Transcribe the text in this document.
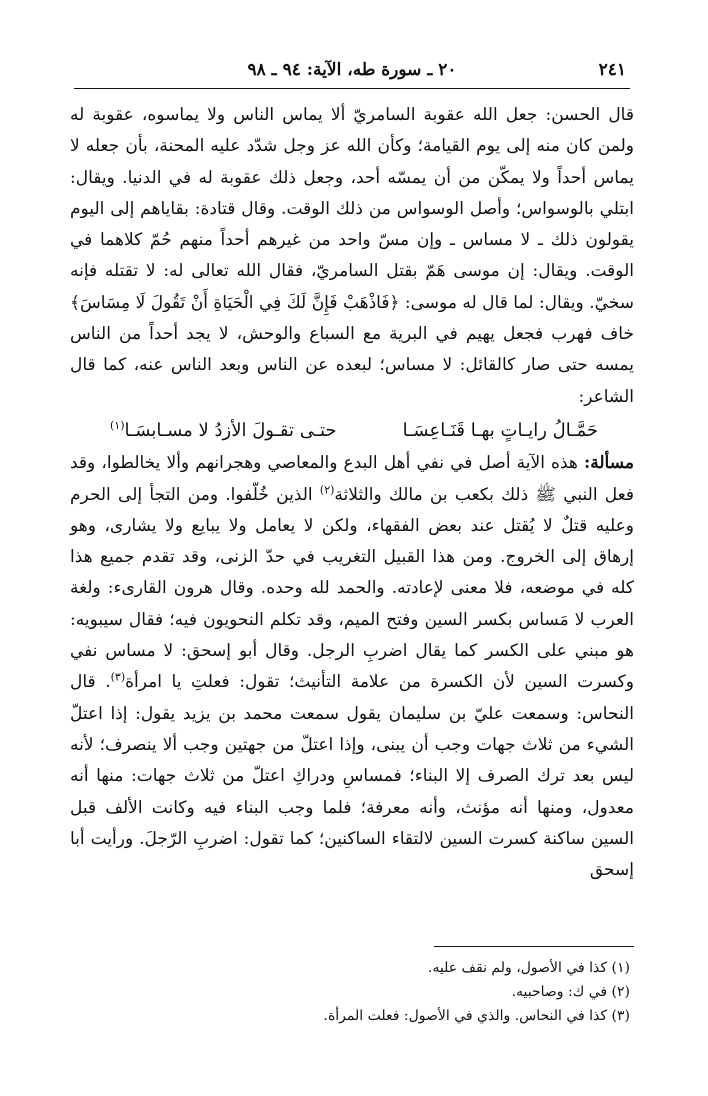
٢٤١
٢٠ ـ سورة طه، الآية: ٩٤ ـ ٩٨

قال الحسن: جعل الله عقوبة السامريّ ألا يماس الناس ولا يماسوه، عقوبة له ولمن كان منه إلى يوم القيامة؛ وكأن الله عز وجل شدّد عليه المحنة، بأن جعله لا يماس أحداً ولا يمكّن من أن يمسّه أحد، وجعل ذلك عقوبة له في الدنيا. ويقال: ابتلي بالوسواس؛ وأصل الوسواس من ذلك الوقت. وقال قتادة: بقاياهم إلى اليوم يقولون ذلك ـ لا مساس ـ وإن مسّ واحد من غيرهم أحداً منهم حُمّ كلاهما في الوقت. ويقال: إن موسى هَمّ بقتل السامريّ، فقال الله تعالى له: لا تقتله فإنه سخيّ. ويقال: لما قال له موسى: ﴿فَاذْهَبْ فَإِنَّ لَكَ فِي الْحَيَاةِ أَنْ تَقُولَ لَا مِسَاسَ﴾ خاف فهرب فجعل يهيم في البرية مع السباع والوحش، لا يجد أحداً من الناس يمسه حتى صار كالقائل: لا مساس؛ لبعده عن الناس وبعد الناس عنه، كما قال الشاعر:

حَمَّـالُ رايـاتٍ بهـا قَنَـاعِسَـا
حتـى تقـولَ الأزدُ لا مسـابسَـا$^{(١)}$

مسألة: هذه الآية أصل في نفي أهل البدع والمعاصي وهجرانهم وألا يخالطوا، وقد فعل النبي ﷺ ذلك بكعب بن مالك والثلاثة$^{(٢)}$ الذين خُلّفوا. ومن التجأ إلى الحرم وعليه قتلٌ لا يُقتل عند بعض الفقهاء، ولكن لا يعامل ولا يبايع ولا يشارى، وهو إرهاق إلى الخروج. ومن هذا القبيل التغريب في حدّ الزنى، وقد تقدم جميع هذا كله في موضعه، فلا معنى لإعادته. والحمد لله وحده. وقال هرون القارىء: ولغة العرب لا مَساس بكسر السين وفتح الميم، وقد تكلم النحويون فيه؛ فقال سيبويه: هو مبني على الكسر كما يقال اضربِ الرجل. وقال أبو إسحق: لا مساس نفي وكسرت السين لأن الكسرة من علامة التأنيث؛ تقول: فعلتِ يا امرأة$^{(٣)}$. قال النحاس: وسمعت عليّ بن سليمان يقول سمعت محمد بن يزيد يقول: إذا اعتلّ الشيء من ثلاث جهات وجب أن يبنى، وإذا اعتلّ من جهتين وجب ألا ينصرف؛ لأنه ليس بعد ترك الصرف إلا البناء؛ فمساسِ ودراكِ اعتلّ من ثلاث جهات: منها أنه معدول، ومنها أنه مؤنث، وأنه معرفة؛ فلما وجب البناء فيه وكانت الألف قبل السين ساكنة كسرت السين لالتقاء الساكنين؛ كما تقول: اضربِ الرّجلَ. ورأيت أبا إسحق

(١) كذا في الأصول، ولم نقف عليه.
(٢) في ك: وصاحبيه.
(٣) كذا في النحاس. والذي في الأصول: فعلت المرأة.
